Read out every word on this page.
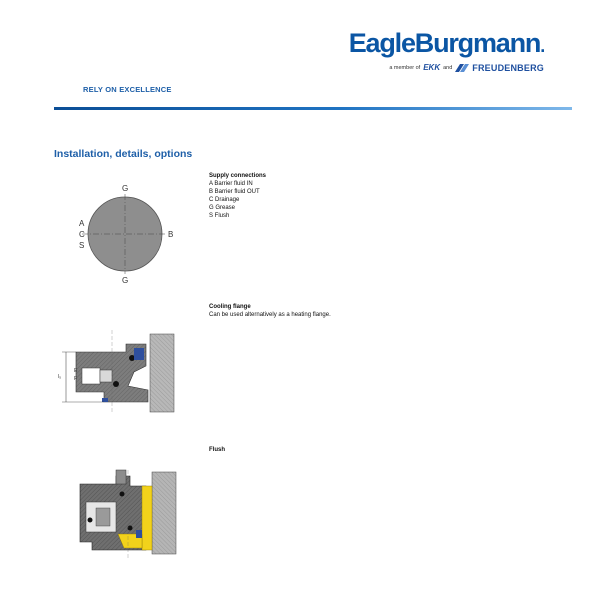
EagleBurgmann.
a member of EKK and FREUDENBERG
RELY ON EXCELLENCE
Installation, details, options
G
G
A
C
S
B
Supply connections
A Barrier fluid IN
B Barrier fluid OUT
C Drainage
G Grease
S Flush
Cooling flange
Can be used alternatively as a heating flange.
l₅
E
F
Flush
